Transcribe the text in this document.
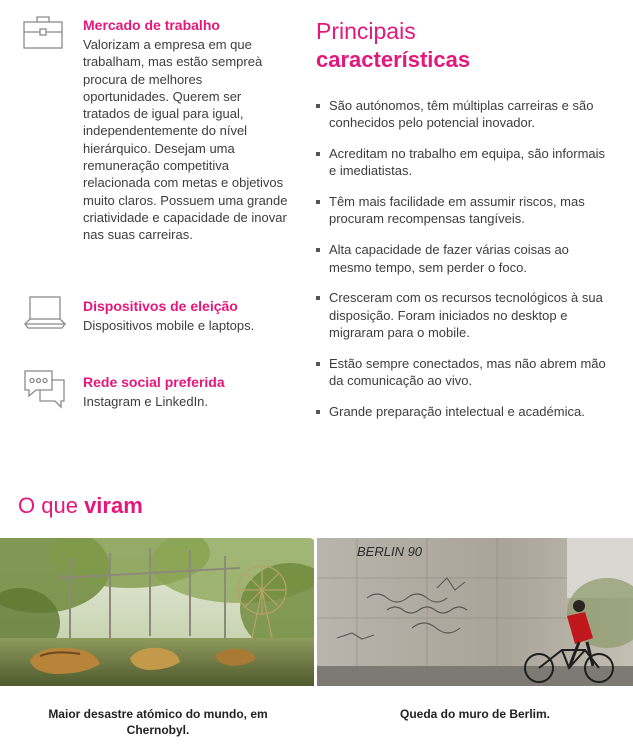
Mercado de trabalho

Valorizam a empresa em que trabalham, mas estão sempreà procura de melhores oportunidades. Querem ser tratados de igual para igual, independentemente do nível hierárquico. Desejam uma remuneração competitiva relacionada com metas e objetivos muito claros. Possuem uma grande criatividade e capacidade de inovar nas suas carreiras.

Dispositivos de eleição

Dispositivos mobile e laptops.

Rede social preferida

Instagram e LinkedIn.

Principais
características
São autónomos, têm múltiplas carreiras e são conhecidos pelo potencial inovador.
Acreditam no trabalho em equipa, são informais e imediatistas.
Têm mais facilidade em assumir riscos, mas procuram recompensas tangíveis.
Alta capacidade de fazer várias coisas ao mesmo tempo, sem perder o foco.
Cresceram com os recursos tecnológicos à sua disposição. Foram iniciados no desktop e migraram para o mobile.
Estão sempre conectados, mas não abrem mão da comunicação ao vivo.
Grande preparação intelectual e académica.
O que viram
BERLIN 90
Maior desastre atómico do mundo, em Chernobyl.
Queda do muro de Berlim.
